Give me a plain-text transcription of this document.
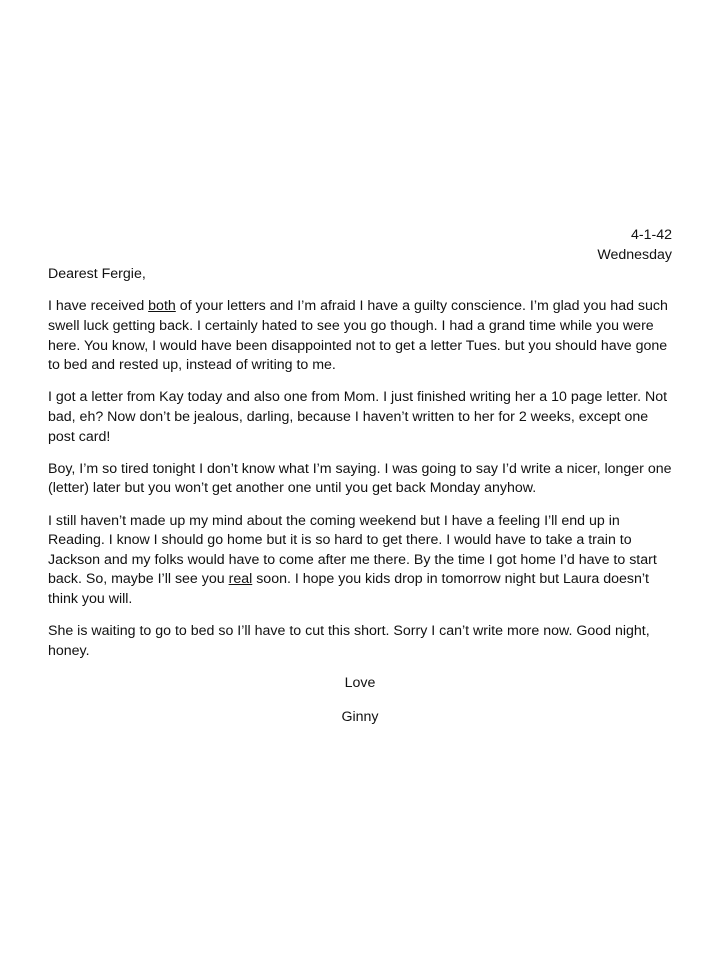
4-1-42
Wednesday
Dearest Fergie,

I have received both of your letters and I’m afraid I have a guilty conscience. I’m glad you had such swell luck getting back. I certainly hated to see you go though. I had a grand time while you were here. You know, I would have been disappointed not to get a letter Tues. but you should have gone to bed and rested up, instead of writing to me.

I got a letter from Kay today and also one from Mom. I just finished writing her a 10 page letter. Not bad, eh? Now don’t be jealous, darling, because I haven’t written to her for 2 weeks, except one post card!

Boy, I’m so tired tonight I don’t know what I’m saying. I was going to say I’d write a nicer, longer one (letter) later but you won’t get another one until you get back Monday anyhow.

I still haven’t made up my mind about the coming weekend but I have a feeling I’ll end up in Reading. I know I should go home but it is so hard to get there. I would have to take a train to Jackson and my folks would have to come after me there. By the time I got home I’d have to start back. So, maybe I’ll see you real soon. I hope you kids drop in tomorrow night but Laura doesn’t think you will.

She is waiting to go to bed so I’ll have to cut this short. Sorry I can’t write more now. Good night, honey.

Love
Ginny
